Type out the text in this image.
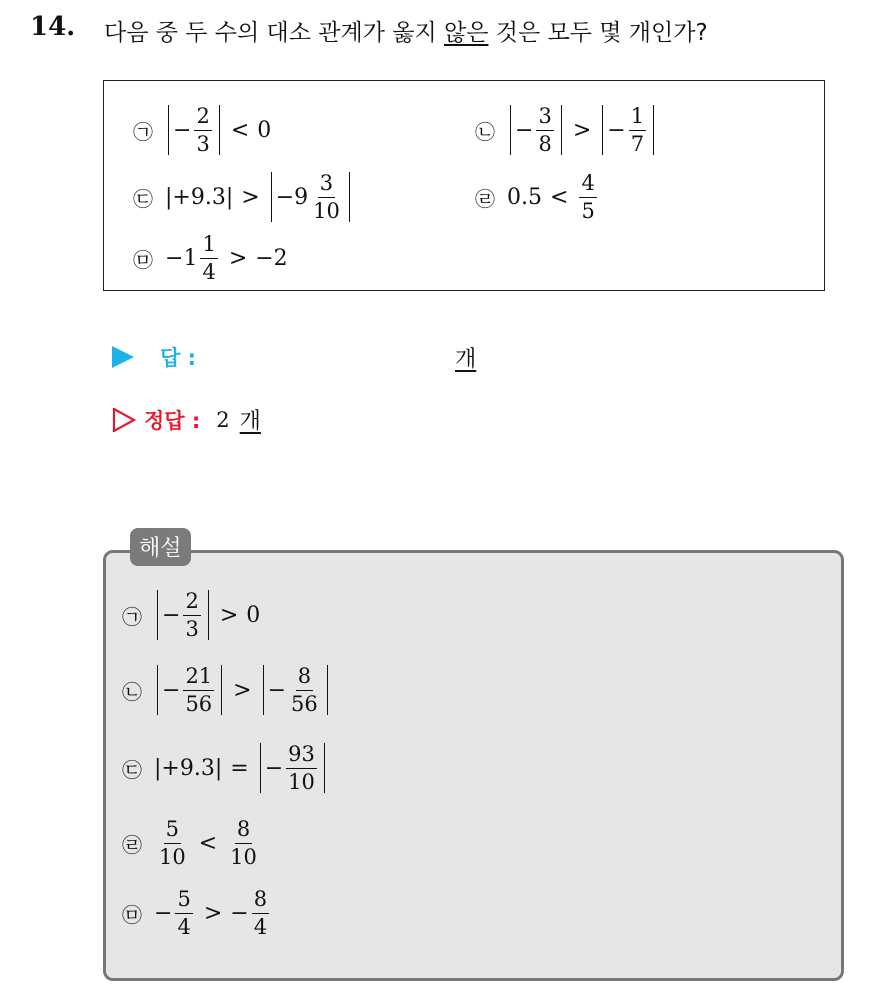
14. 다음 중 두 수의 대소 관계가 옳지 않은 것은 모두 몇 개인가?
㉠ − $\frac{2}{3} < 0$	㉡ − $\frac{3}{8}$ > − $\frac{1}{7}$
㉢ |+9.3| > − $9 \frac{3}{10}$	㉣ $0.5 < \frac{4}{5}$
㉤ − $1 \frac{1}{4} > -2$
답 :	개
정답 : 2 개
해설
㉠ − $\frac{2}{3} > 0$
㉡ − $\frac{21}{56}$ > − $\frac{8}{56}$
㉢ |+9.3| = − $\frac{93}{10}$
㉣ $\frac{5}{10} < \frac{8}{10}$
㉤ − $\frac{5}{4}$ > − $\frac{8}{4}$
